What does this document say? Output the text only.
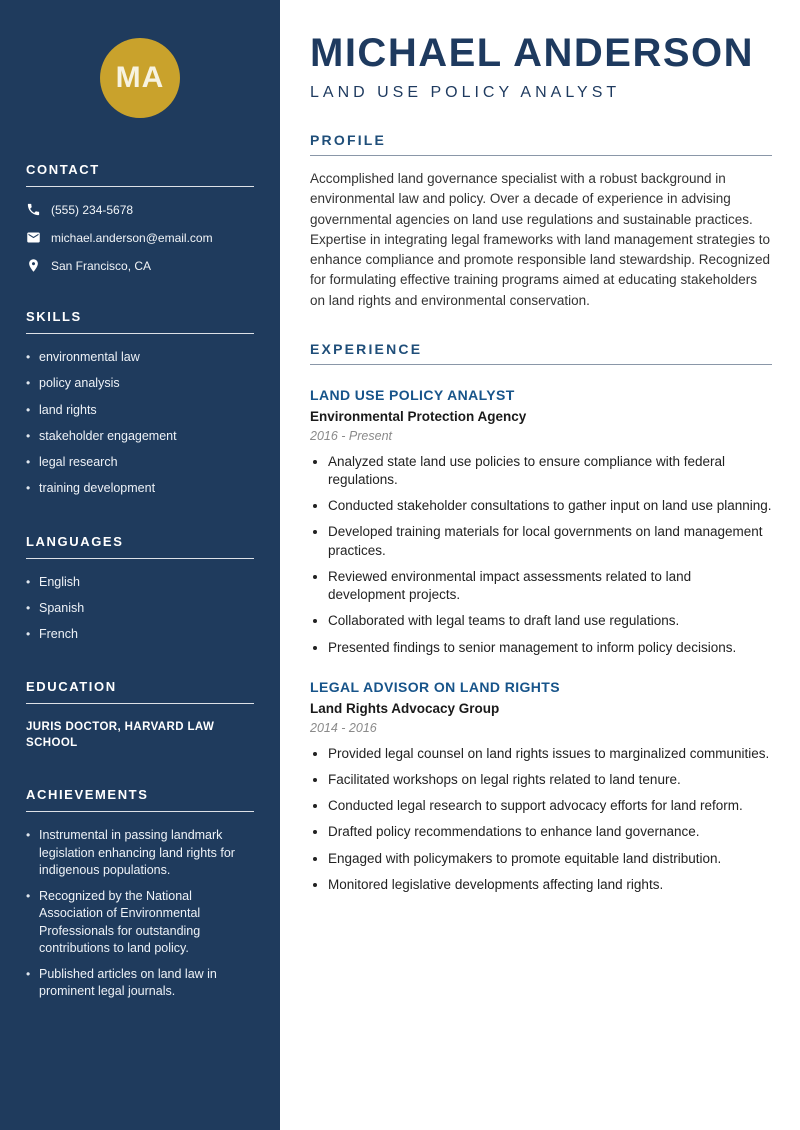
MA
CONTACT
(555) 234-5678
michael.anderson@email.com
San Francisco, CA
SKILLS
• environmental law
• policy analysis
• land rights
• stakeholder engagement
• legal research
• training development
LANGUAGES
• English
• Spanish
• French
EDUCATION

JURIS DOCTOR, HARVARD LAW SCHOOL

ACHIEVEMENTS
• Instrumental in passing landmark legislation enhancing land rights for indigenous populations.
• Recognized by the National Association of Environmental Professionals for outstanding contributions to land policy.
• Published articles on land law in prominent legal journals.
MICHAEL ANDERSON
LAND USE POLICY ANALYST
PROFILE

Accomplished land governance specialist with a robust background in environmental law and policy. Over a decade of experience in advising governmental agencies on land use regulations and sustainable practices. Expertise in integrating legal frameworks with land management strategies to enhance compliance and promote responsible land stewardship. Recognized for formulating effective training programs aimed at educating stakeholders on land rights and environmental conservation.

EXPERIENCE
LAND USE POLICY ANALYST
Environmental Protection Agency
2016 - Present
• Analyzed state land use policies to ensure compliance with federal regulations.
• Conducted stakeholder consultations to gather input on land use planning.
• Developed training materials for local governments on land management practices.
• Reviewed environmental impact assessments related to land development projects.
• Collaborated with legal teams to draft land use regulations.
• Presented findings to senior management to inform policy decisions.
LEGAL ADVISOR ON LAND RIGHTS
Land Rights Advocacy Group
2014 - 2016
• Provided legal counsel on land rights issues to marginalized communities.
• Facilitated workshops on legal rights related to land tenure.
• Conducted legal research to support advocacy efforts for land reform.
• Drafted policy recommendations to enhance land governance.
• Engaged with policymakers to promote equitable land distribution.
• Monitored legislative developments affecting land rights.
